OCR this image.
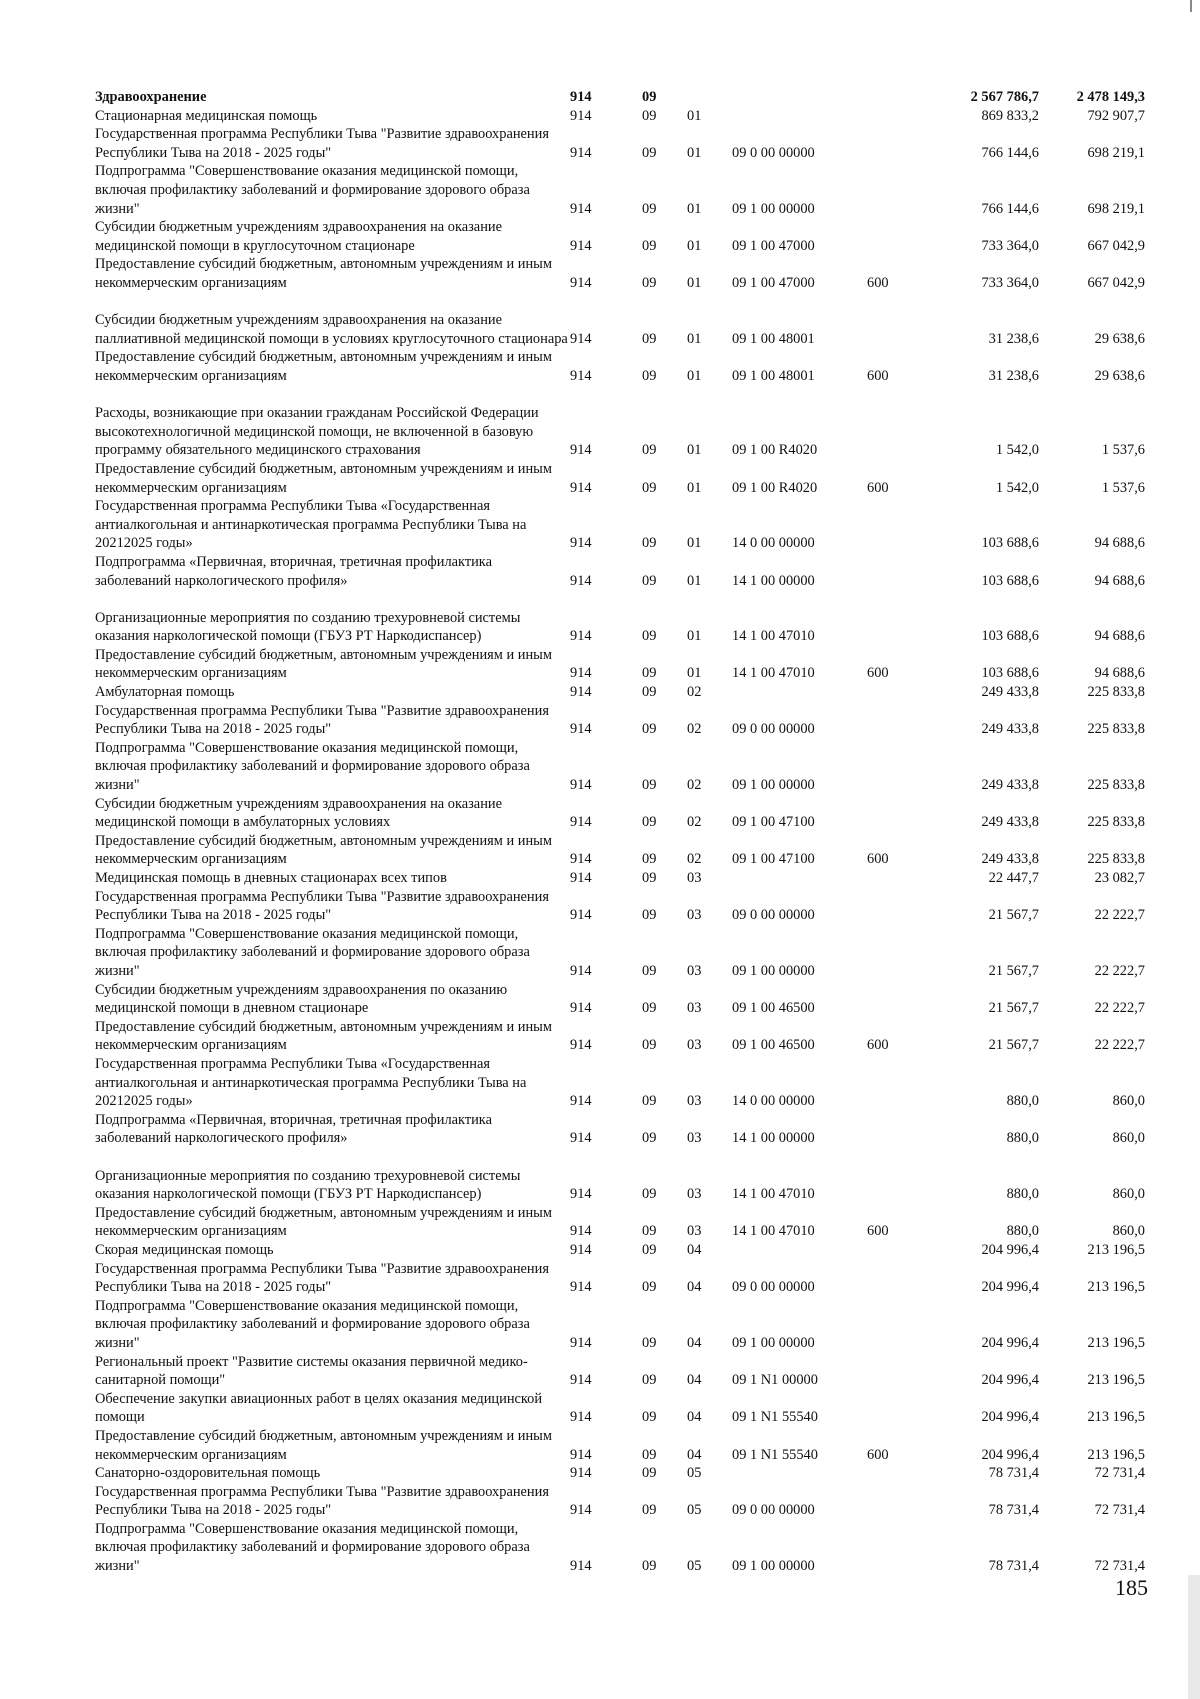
Здравоохранение	914	09				2 567 786,7	2 478 149,3
Стационарная медицинская помощь	914	09	01			869 833,2	792 907,7
Государственная программа Республики Тыва "Развитие здравоохранения Республики Тыва на 2018 - 2025 годы"	914	09	01	09 0 00 00000		766 144,6	698 219,1
Подпрограмма "Совершенствование оказания медицинской помощи, включая профилактику заболеваний и формирование здорового образа жизни"	914	09	01	09 1 00 00000		766 144,6	698 219,1
Субсидии бюджетным учреждениям здравоохранения на оказание медицинской помощи в круглосуточном стационаре	914	09	01	09 1 00 47000		733 364,0	667 042,9
Предоставление субсидий бюджетным, автономным учреждениям и иным некоммерческим организациям	914	09	01	09 1 00 47000	600	733 364,0	667 042,9
Субсидии бюджетным учреждениям здравоохранения на оказание паллиативной медицинской помощи в условиях круглосуточного стационара	914	09	01	09 1 00 48001		31 238,6	29 638,6
Предоставление субсидий бюджетным, автономным учреждениям и иным некоммерческим организациям	914	09	01	09 1 00 48001	600	31 238,6	29 638,6
Расходы, возникающие при оказании гражданам Российской Федерации высокотехнологичной медицинской помощи, не включенной в базовую программу обязательного медицинского страхования	914	09	01	09 1 00 R4020		1 542,0	1 537,6
Предоставление субсидий бюджетным, автономным учреждениям и иным некоммерческим организациям	914	09	01	09 1 00 R4020	600	1 542,0	1 537,6
Государственная программа Республики Тыва «Государственная антиалкогольная и антинаркотическая программа Республики Тыва на 20212025 годы»	914	09	01	14 0 00 00000		103 688,6	94 688,6
Подпрограмма «Первичная, вторичная, третичная профилактика заболеваний наркологического профиля»	914	09	01	14 1 00 00000		103 688,6	94 688,6
Организационные мероприятия по созданию трехуровневой системы оказания наркологической помощи (ГБУЗ РТ Наркодиспансер)	914	09	01	14 1 00 47010		103 688,6	94 688,6
Предоставление субсидий бюджетным, автономным учреждениям и иным некоммерческим организациям	914	09	01	14 1 00 47010	600	103 688,6	94 688,6
Амбулаторная помощь	914	09	02			249 433,8	225 833,8
Государственная программа Республики Тыва "Развитие здравоохранения Республики Тыва на 2018 - 2025 годы"	914	09	02	09 0 00 00000		249 433,8	225 833,8
Подпрограмма "Совершенствование оказания медицинской помощи, включая профилактику заболеваний и формирование здорового образа жизни"	914	09	02	09 1 00 00000		249 433,8	225 833,8
Субсидии бюджетным учреждениям здравоохранения на оказание медицинской помощи в амбулаторных условиях	914	09	02	09 1 00 47100		249 433,8	225 833,8
Предоставление субсидий бюджетным, автономным учреждениям и иным некоммерческим организациям	914	09	02	09 1 00 47100	600	249 433,8	225 833,8
Медицинская помощь в дневных стационарах всех типов	914	09	03			22 447,7	23 082,7
Государственная программа Республики Тыва "Развитие здравоохранения Республики Тыва на 2018 - 2025 годы"	914	09	03	09 0 00 00000		21 567,7	22 222,7
Подпрограмма "Совершенствование оказания медицинской помощи, включая профилактику заболеваний и формирование здорового образа жизни"	914	09	03	09 1 00 00000		21 567,7	22 222,7
Субсидии бюджетным учреждениям здравоохранения по оказанию медицинской помощи в дневном стационаре	914	09	03	09 1 00 46500		21 567,7	22 222,7
Предоставление субсидий бюджетным, автономным учреждениям и иным некоммерческим организациям	914	09	03	09 1 00 46500	600	21 567,7	22 222,7
Государственная программа Республики Тыва «Государственная антиалкогольная и антинаркотическая программа Республики Тыва на 20212025 годы»	914	09	03	14 0 00 00000		880,0	860,0
Подпрограмма «Первичная, вторичная, третичная профилактика заболеваний наркологического профиля»	914	09	03	14 1 00 00000		880,0	860,0
Организационные мероприятия по созданию трехуровневой системы оказания наркологической помощи (ГБУЗ РТ Наркодиспансер)	914	09	03	14 1 00 47010		880,0	860,0
Предоставление субсидий бюджетным, автономным учреждениям и иным некоммерческим организациям	914	09	03	14 1 00 47010	600	880,0	860,0
Скорая медицинская помощь	914	09	04			204 996,4	213 196,5
Государственная программа Республики Тыва "Развитие здравоохранения Республики Тыва на 2018 - 2025 годы"	914	09	04	09 0 00 00000		204 996,4	213 196,5
Подпрограмма "Совершенствование оказания медицинской помощи, включая профилактику заболеваний и формирование здорового образа жизни"	914	09	04	09 1 00 00000		204 996,4	213 196,5
Региональный проект "Развитие системы оказания первичной медико-санитарной помощи"	914	09	04	09 1 N1 00000		204 996,4	213 196,5
Обеспечение закупки авиационных работ в целях оказания медицинской помощи	914	09	04	09 1 N1 55540		204 996,4	213 196,5
Предоставление субсидий бюджетным, автономным учреждениям и иным некоммерческим организациям	914	09	04	09 1 N1 55540	600	204 996,4	213 196,5
Санаторно-оздоровительная помощь	914	09	05			78 731,4	72 731,4
Государственная программа Республики Тыва "Развитие здравоохранения Республики Тыва на 2018 - 2025 годы"	914	09	05	09 0 00 00000		78 731,4	72 731,4
Подпрограмма "Совершенствование оказания медицинской помощи, включая профилактику заболеваний и формирование здорового образа жизни"	914	09	05	09 1 00 00000		78 731,4	72 731,4
185
